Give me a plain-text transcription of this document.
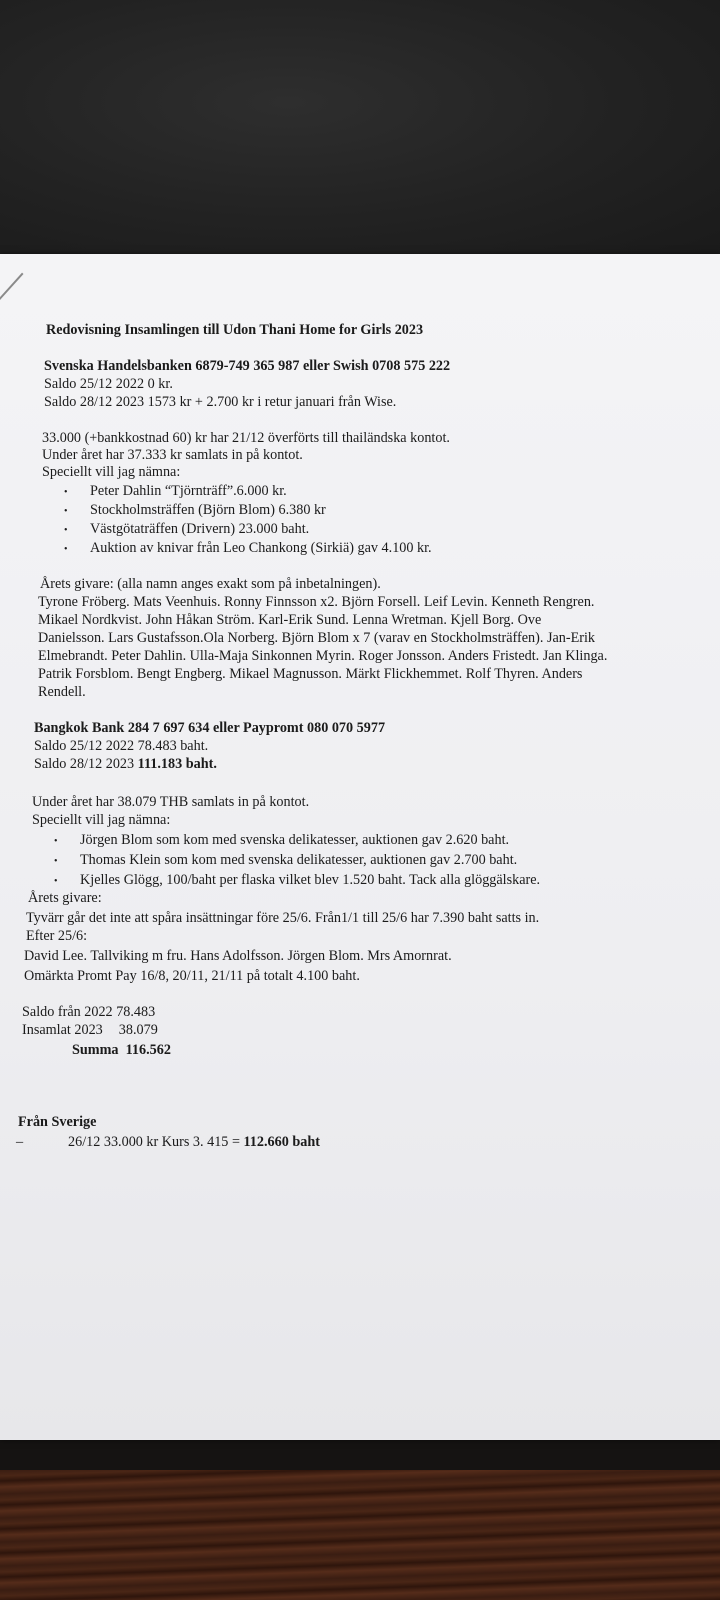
Redovisning Insamlingen till Udon Thani Home for Girls 2023
Svenska Handelsbanken 6879-749 365 987 eller Swish 0708 575 222
Saldo 25/12 2022 0 kr.
Saldo 28/12 2023 1573 kr + 2.700 kr i retur januari från Wise.
33.000 (+bankkostnad 60) kr har 21/12 överförts till thailändska kontot.
Under året har 37.333 kr samlats in på kontot.
Speciellt vill jag nämna:
• Peter Dahlin “Tjörnträff”.6.000 kr.
• Stockholmsträffen (Björn Blom) 6.380 kr
• Västgötaträffen (Drivern) 23.000 baht.
• Auktion av knivar från Leo Chankong (Sirkiä) gav 4.100 kr.
Årets givare: (alla namn anges exakt som på inbetalningen).
Tyrone Fröberg. Mats Veenhuis. Ronny Finnsson x2. Björn Forsell. Leif Levin. Kenneth Rengren.
Mikael Nordkvist. John Håkan Ström. Karl-Erik Sund. Lenna Wretman. Kjell Borg. Ove
Danielsson. Lars Gustafsson.Ola Norberg. Björn Blom x 7 (varav en Stockholmsträffen). Jan-Erik
Elmebrandt. Peter Dahlin. Ulla-Maja Sinkonnen Myrin. Roger Jonsson. Anders Fristedt. Jan Klinga.
Patrik Forsblom. Bengt Engberg. Mikael Magnusson. Märkt Flickhemmet. Rolf Thyren. Anders
Rendell.
Bangkok Bank 284 7 697 634 eller Paypromt 080 070 5977
Saldo 25/12 2022 78.483 baht.
Saldo 28/12 2023 111.183 baht.
Under året har 38.079 THB samlats in på kontot.
Speciellt vill jag nämna:
• Jörgen Blom som kom med svenska delikatesser, auktionen gav 2.620 baht.
• Thomas Klein som kom med svenska delikatesser, auktionen gav 2.700 baht.
• Kjelles Glögg, 100/baht per flaska vilket blev 1.520 baht. Tack alla glöggälskare.
Årets givare:
Tyvärr går det inte att spåra insättningar före 25/6. Från1/1 till 25/6 har 7.390 baht satts in.
Efter 25/6:
David Lee. Tallviking m fru. Hans Adolfsson. Jörgen Blom. Mrs Amornrat.
Omärkta Promt Pay 16/8, 20/11, 21/11 på totalt 4.100 baht.
Saldo från 2022 78.483
Insamlat 2023 38.079
Summa 116.562
Från Sverige
–	26/12 33.000 kr Kurs 3. 415 = 112.660 baht
